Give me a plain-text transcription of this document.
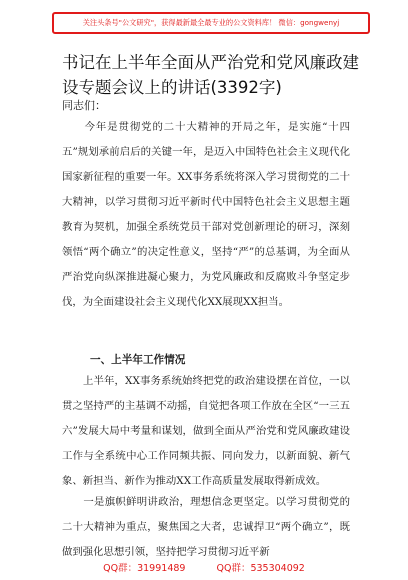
关注头条号"公文研究"，获得最新最全最专业的公文资料库！ 微信：gongwenyj
书记在上半年全面从严治党和党风廉政建设专题会议上的讲话(3392字)

同志们：

　　今年是贯彻党的二十大精神的开局之年，是实施“十四五”规划承前启后的关键一年，是迈入中国特色社会主义现代化国家新征程的重要一年。XX事务系统将深入学习贯彻党的二十大精神，以学习贯彻习近平新时代中国特色社会主义思想主题教育为契机，加强全系统党员干部对党创新理论的研习，深刻领悟“两个确立”的决定性意义，坚持“严”的总基调，为全面从严治党向纵深推进凝心聚力，为党风廉政和反腐败斗争坚定步伐，为全面建设社会主义现代化XX展现XX担当。

一、上半年工作情况

　　上半年，XX事务系统始终把党的政治建设摆在首位，一以贯之坚持严的主基调不动摇，自觉把各项工作放在全区“一三五六”发展大局中考量和谋划，做到全面从严治党和党风廉政建设工作与全系统中心工作同频共振、同向发力，以新面貌、新气象、新担当、新作为推动XX工作高质量发展取得新成效。

　　一是旗帜鲜明讲政治，理想信念更坚定。以学习贯彻党的二十大精神为重点，聚焦国之大者，忠诚捍卫“两个确立”，既做到强化思想引领，坚持把学习贯彻习近平新

QQ群：31991489	QQ群：535304092
